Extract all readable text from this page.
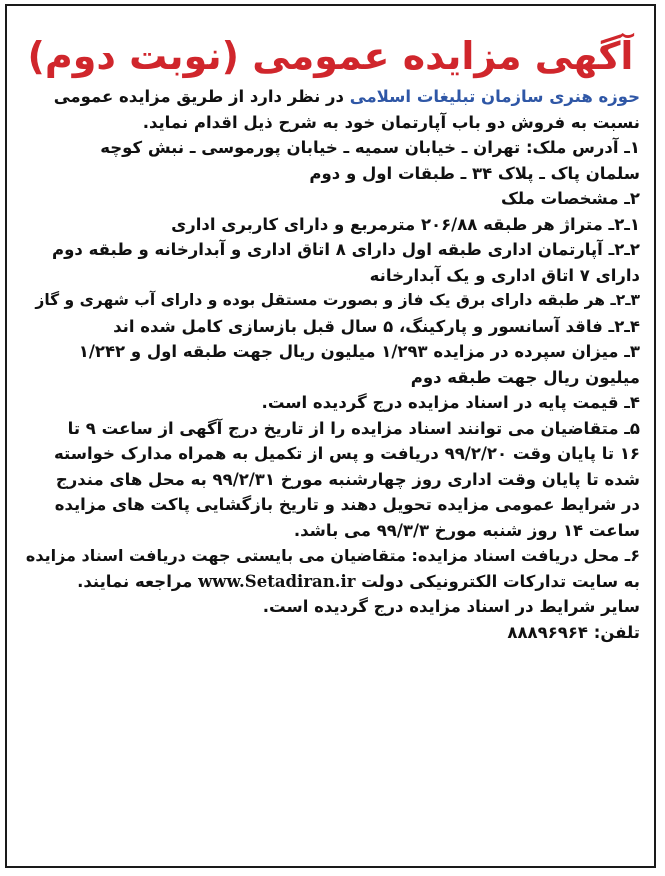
آگهی مزایده عمومی (نوبت دوم)
حوزه هنری سازمان تبلیغات اسلامی در نظر دارد از طریق مزایده عمومی
نسبت به فروش دو باب آپارتمان خود به شرح ذیل اقدام نماید.
۱ـ آدرس ملک: تهران ـ خیابان سمیه ـ خیابان پورموسی ـ نبش کوچه
سلمان پاک ـ پلاک ۳۴ ـ طبقات اول و دوم
۲ـ مشخصات ملک
۱ـ۲ـ متراژ هر طبقه ۲۰۶/۸۸ مترمربع و دارای کاربری اداری
۲ـ۲ـ آپارتمان اداری طبقه اول دارای ۸ اتاق اداری و آبدارخانه و طبقه دوم
دارای ۷ اتاق اداری و یک آبدارخانه
۳ـ۲ـ هر طبقه دارای برق یک فاز و بصورت مستقل بوده و دارای آب شهری و گاز
۴ـ۲ـ فاقد آسانسور و پارکینگ، ۵ سال قبل بازسازی کامل شده اند
۳ـ میزان سپرده در مزایده ۱/۲۹۳ میلیون ریال جهت طبقه اول و ۱/۲۴۲
میلیون ریال جهت طبقه دوم
۴ـ قیمت پایه در اسناد مزایده درج گردیده است.
۵ـ متقاضیان می توانند اسناد مزایده را از تاریخ درج آگهی از ساعت ۹ تا
۱۶ تا پایان وقت ۹۹/۲/۲۰ دریافت و پس از تکمیل به همراه مدارک خواسته
شده تا پایان وقت اداری روز چهارشنبه مورخ ۹۹/۲/۳۱ به محل های مندرج
در شرایط عمومی مزایده تحویل دهند و تاریخ بازگشایی پاکت های مزایده
ساعت ۱۴ روز شنبه مورخ ۹۹/۳/۳ می باشد.
۶ـ محل دریافت اسناد مزایده: متقاضیان می بایستی جهت دریافت اسناد مزایده
به سایت تدارکات الکترونیکی دولت www.Setadiran.ir مراجعه نمایند.
سایر شرایط در اسناد مزایده درج گردیده است.
تلفن: ۸۸۸۹۶۹۶۴
